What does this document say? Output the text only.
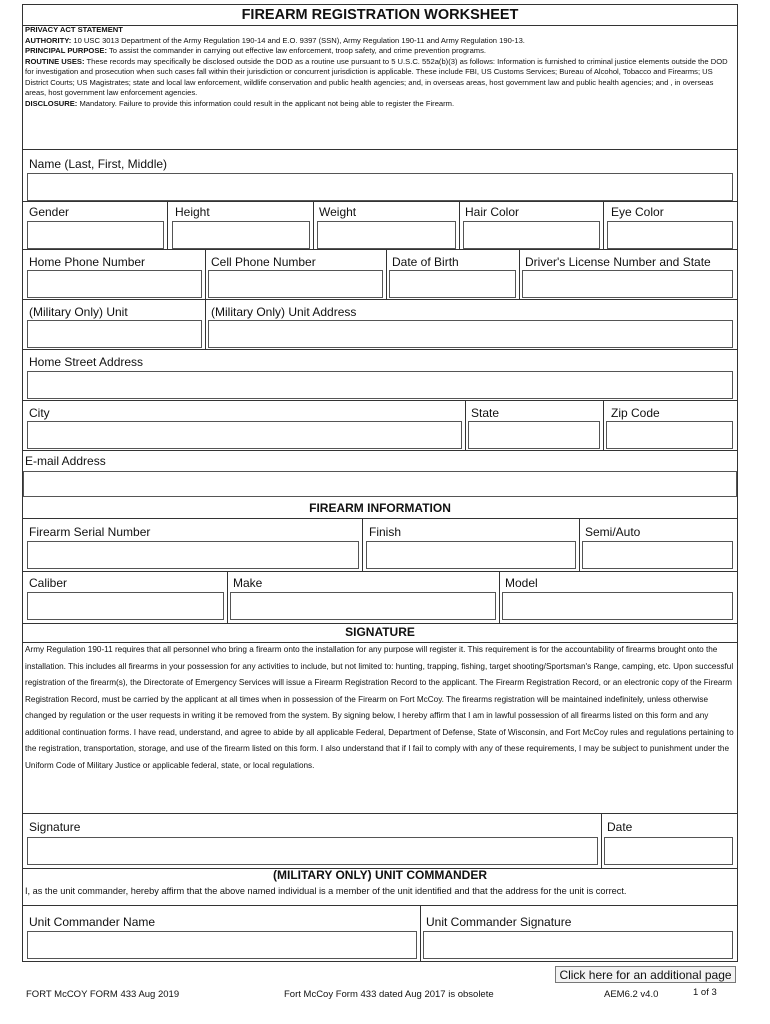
FIREARM REGISTRATION WORKSHEET

PRIVACY ACT STATEMENT

AUTHORITY: 10 USC 3013 Department of the Army Regulation 190-14 and E.O. 9397 (SSN), Army Regulation 190-11 and Army Regulation 190-13.

PRINCIPAL PURPOSE: To assist the commander in carrying out effective law enforcement, troop safety, and crime prevention programs.

ROUTINE USES: These records may specifically be disclosed outside the DOD as a routine use pursuant to 5 U.S.C. 552a(b)(3) as follows: Information is furnished to criminal justice elements outside the DOD for investigation and prosecution when such cases fall within their jurisdiction or concurrent jurisdiction is applicable. These include FBI, US Customs Services; Bureau of Alcohol, Tobacco and Firearms; US District Courts; US Magistrates; state and local law enforcement, wildlife conservation and public health agencies; and, in overseas areas, host government law and public health agencies; and , in overseas areas, host government law enforcement agencies.

DISCLOSURE: Mandatory. Failure to provide this information could result in the applicant not being able to register the Firearm.

Name (Last, First, Middle)
Gender	Height	Weight	Hair Color	Eye Color
Home Phone Number	Cell Phone Number	Date of Birth	Driver's License Number and State
(Military Only) Unit	(Military Only) Unit Address
Home Street Address
City	State	Zip Code
E-mail Address
FIREARM INFORMATION
Firearm Serial Number	Finish	Semi/Auto
Caliber	Make	Model
SIGNATURE
Army Regulation 190-11 requires that all personnel who bring a firearm onto the installation for any purpose will register it. This requirement is for the accountability of firearms brought onto the installation. This includes all firearms in your possession for any activities to include, but not limited to: hunting, trapping, fishing, target shooting/Sportsman's Range, camping, etc. Upon successful registration of the firearm(s), the Directorate of Emergency Services will issue a Firearm Registration Record to the applicant. The Firearm Registration Record, or an electronic copy of the Firearm Registration Record, must be carried by the applicant at all times when in possession of the Firearm on Fort McCoy. The firearms registration will be maintained indefinitely, unless otherwise changed by regulation or the user requests in writing it be removed from the system. By signing below, I hereby affirm that I am in lawful possession of all firearms listed on this form and any additional continuation forms. I have read, understand, and agree to abide by all applicable Federal, Department of Defense, State of Wisconsin, and Fort McCoy rules and regulations pertaining to the registration, transportation, storage, and use of the firearm listed on this form. I also understand that if I fail to comply with any of these requirements, I may be subject to punishment under the Uniform Code of Military Justice or applicable federal, state, or local regulations.
Signature	Date
(MILITARY ONLY) UNIT COMMANDER
I, as the unit commander, hereby affirm that the above named individual is a member of the unit identified and that the address for the unit is correct.
Unit Commander Name	Unit Commander Signature
Click here for an additional page
FORT McCOY FORM 433 Aug 2019	Fort McCoy Form 433 dated Aug 2017 is obsolete	AEM6.2 v4.0	1 of 3
